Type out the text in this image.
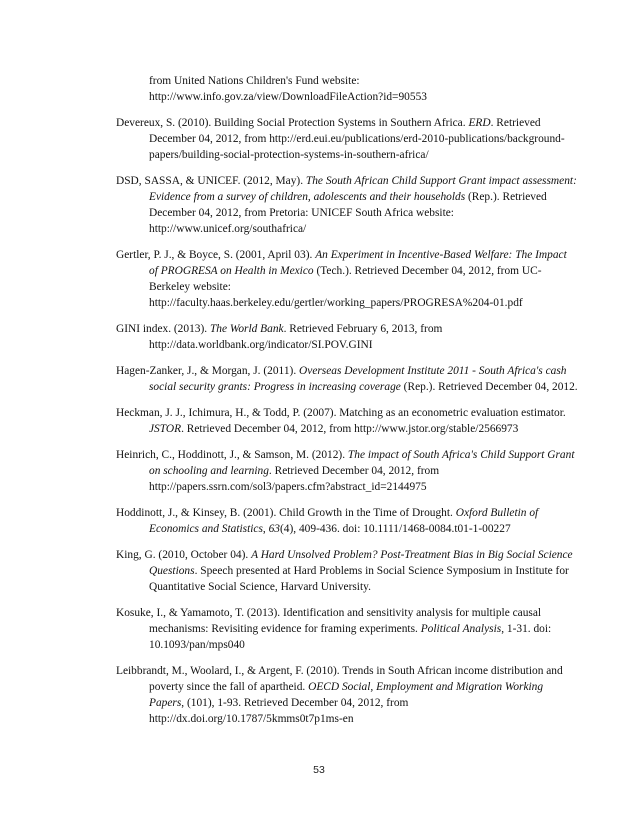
from United Nations Children's Fund website: http://www.info.gov.za/view/DownloadFileAction?id=90553

Devereux, S. (2010). Building Social Protection Systems in Southern Africa. ERD. Retrieved December 04, 2012, from http://erd.eui.eu/publications/erd-2010-publications/background-papers/building-social-protection-systems-in-southern-africa/

DSD, SASSA, & UNICEF. (2012, May). The South African Child Support Grant impact assessment: Evidence from a survey of children, adolescents and their households (Rep.). Retrieved December 04, 2012, from Pretoria: UNICEF South Africa website: http://www.unicef.org/southafrica/

Gertler, P. J., & Boyce, S. (2001, April 03). An Experiment in Incentive-Based Welfare: The Impact of PROGRESA on Health in Mexico (Tech.). Retrieved December 04, 2012, from UC-Berkeley website: http://faculty.haas.berkeley.edu/gertler/working_papers/PROGRESA%204-01.pdf

GINI index. (2013). The World Bank. Retrieved February 6, 2013, from http://data.worldbank.org/indicator/SI.POV.GINI

Hagen-Zanker, J., & Morgan, J. (2011). Overseas Development Institute 2011 - South Africa's cash social security grants: Progress in increasing coverage (Rep.). Retrieved December 04, 2012.

Heckman, J. J., Ichimura, H., & Todd, P. (2007). Matching as an econometric evaluation estimator. JSTOR. Retrieved December 04, 2012, from http://www.jstor.org/stable/2566973

Heinrich, C., Hoddinott, J., & Samson, M. (2012). The impact of South Africa's Child Support Grant on schooling and learning. Retrieved December 04, 2012, from http://papers.ssrn.com/sol3/papers.cfm?abstract_id=2144975

Hoddinott, J., & Kinsey, B. (2001). Child Growth in the Time of Drought. Oxford Bulletin of Economics and Statistics, 63(4), 409-436. doi: 10.1111/1468-0084.t01-1-00227

King, G. (2010, October 04). A Hard Unsolved Problem? Post-Treatment Bias in Big Social Science Questions. Speech presented at Hard Problems in Social Science Symposium in Institute for Quantitative Social Science, Harvard University.

Kosuke, I., & Yamamoto, T. (2013). Identification and sensitivity analysis for multiple causal mechanisms: Revisiting evidence for framing experiments. Political Analysis, 1-31. doi: 10.1093/pan/mps040

Leibbrandt, M., Woolard, I., & Argent, F. (2010). Trends in South African income distribution and poverty since the fall of apartheid. OECD Social, Employment and Migration Working Papers, (101), 1-93. Retrieved December 04, 2012, from http://dx.doi.org/10.1787/5kmms0t7p1ms-en

53
